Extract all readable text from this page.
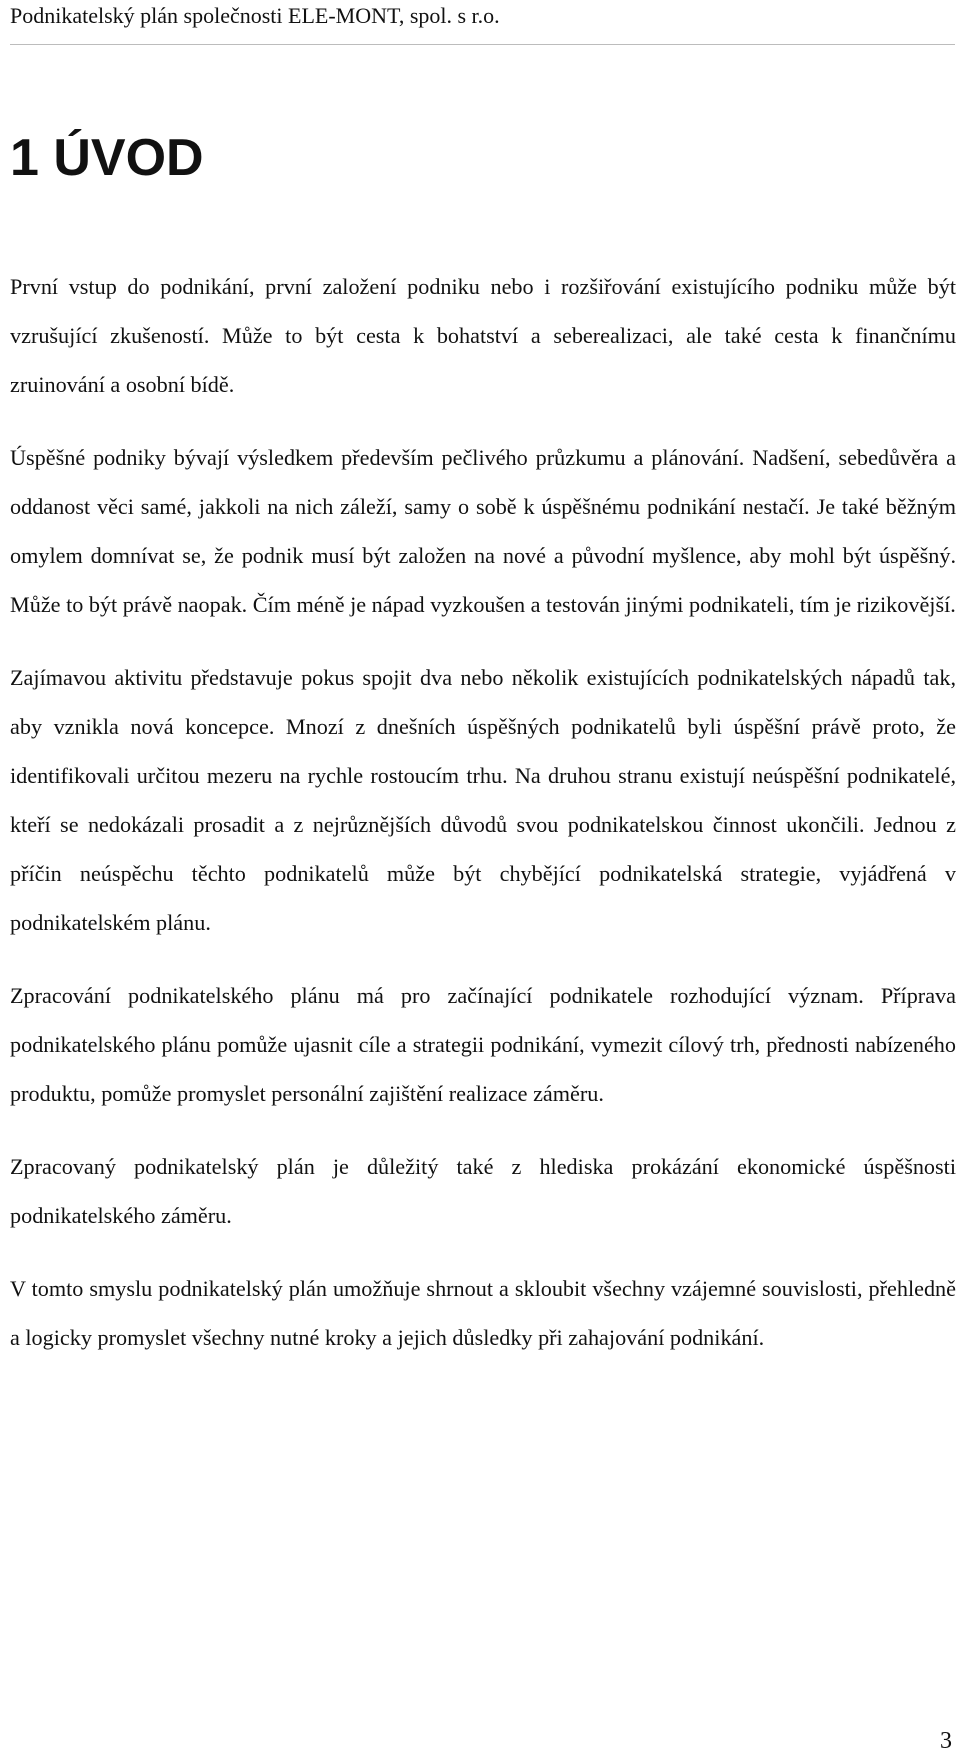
Podnikatelský plán společnosti ELE-MONT, spol. s r.o.
1 ÚVOD

První vstup do podnikání, první založení podniku nebo i rozšiřování existujícího podniku může být vzrušující zkušeností. Může to být cesta k bohatství a seberealizaci, ale také cesta k finančnímu zruinování a osobní bídě.

Úspěšné podniky bývají výsledkem především pečlivého průzkumu a plánování. Nadšení, sebedůvěra a oddanost věci samé, jakkoli na nich záleží, samy o sobě k úspěšnému podnikání nestačí. Je také běžným omylem domnívat se, že podnik musí být založen na nové a původní myšlence, aby mohl být úspěšný. Může to být právě naopak. Čím méně je nápad vyzkoušen a testován jinými podnikateli, tím je rizikovější.

Zajímavou aktivitu představuje pokus spojit dva nebo několik existujících podnikatelských nápadů tak, aby vznikla nová koncepce. Mnozí z dnešních úspěšných podnikatelů byli úspěšní právě proto, že identifikovali určitou mezeru na rychle rostoucím trhu. Na druhou stranu existují neúspěšní podnikatelé, kteří se nedokázali prosadit a z nejrůznějších důvodů svou podnikatelskou činnost ukončili. Jednou z příčin neúspěchu těchto podnikatelů může být chybějící podnikatelská strategie, vyjádřená v podnikatelském plánu.

Zpracování podnikatelského plánu má pro začínající podnikatele rozhodující význam. Příprava podnikatelského plánu pomůže ujasnit cíle a strategii podnikání, vymezit cílový trh, přednosti nabízeného produktu, pomůže promyslet personální zajištění realizace záměru.

Zpracovaný podnikatelský plán je důležitý také z hlediska prokázání ekonomické úspěšnosti podnikatelského záměru.

V tomto smyslu podnikatelský plán umožňuje shrnout a skloubit všechny vzájemné souvislosti, přehledně a logicky promyslet všechny nutné kroky a jejich důsledky při zahajování podnikání.

3
